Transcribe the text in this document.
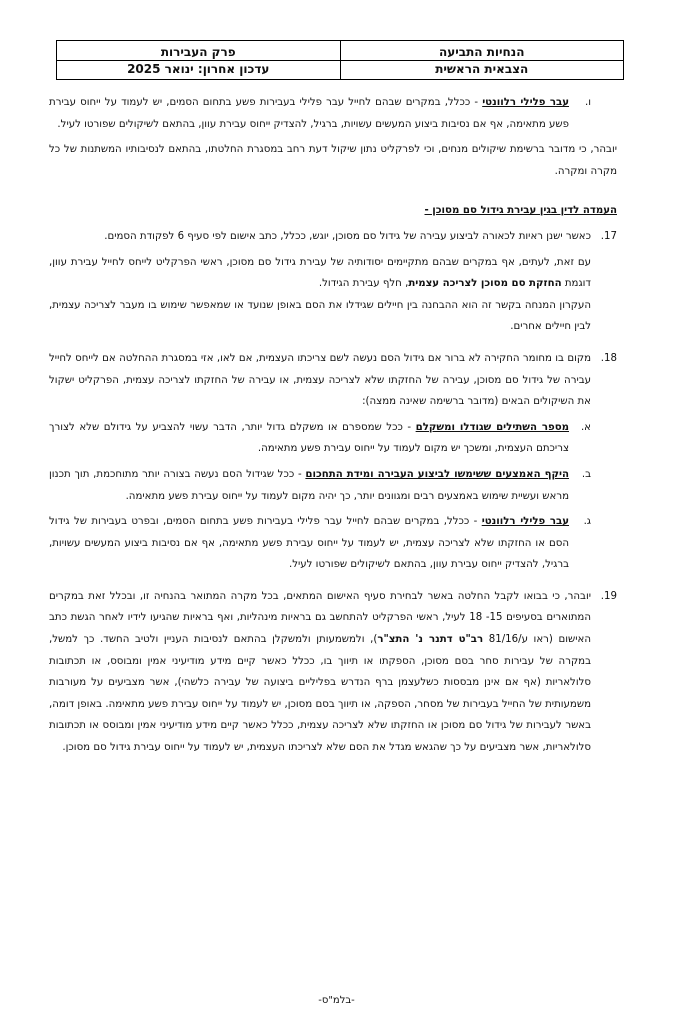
הנחיות התביעה
הצבאית הראשית
פרק העבירות
עדכון אחרון: ינואר 2025
ו.

עבר פלילי רלוונטי - ככלל, במקרים שבהם לחייל עבר פלילי בעבירות פשע בתחום הסמים, יש לעמוד על ייחוס עבירת פשע מתאימה, אף אם נסיבות ביצוע המעשים עשויות, ברגיל, להצדיק ייחוס עבירת עוון, בהתאם לשיקולים שפורטו לעיל.

יובהר, כי מדובר ברשימת שיקולים מנחים, וכי לפרקליט נתון שיקול דעת רחב במסגרת החלטתו, בהתאם לנסיבותיו המשתנות של כל מקרה ומקרה.

העמדה לדין בגין עבירת גידול סם מסוכן -

17.

כאשר ישנן ראיות לכאורה לביצוע עבירה של גידול סם מסוכן, יוגש, ככלל, כתב אישום לפי סעיף 6 לפקודת הסמים.

עם זאת, לעתים, אף במקרים שבהם מתקיימים יסודותיה של עבירת גידול סם מסוכן, ראשי הפרקליט לייחס לחייל עבירת עוון, דוגמת החזקת סם מסוכן לצריכה עצמית, חלף עבירת הגידול.

העקרון המנחה בקשר זה הוא ההבחנה בין חיילים שגידלו את הסם באופן שנועד או שמאפשר שימוש בו מעבר לצריכה עצמית, לבין חיילים אחרים.

18.

מקום בו מחומר החקירה לא ברור אם גידול הסם נעשה לשם צריכתו העצמית, אם לאו, אזי במסגרת ההחלטה אם לייחס לחייל עבירה של גידול סם מסוכן, עבירה של החזקתו שלא לצריכה עצמית, או עבירה של החזקתו לצריכה עצמית, הפרקליט ישקול את השיקולים הבאים (מדובר ברשימה שאינה ממצה):

א.

מספר השתילים שגודלו ומשקלם - ככל שמספרם או משקלם גדול יותר, הדבר עשוי להצביע על גידולם שלא לצורך צריכתם העצמית, ומשכך יש מקום לעמוד על ייחוס עבירת פשע מתאימה.

ב.

היקף האמצעים ששימשו לביצוע העבירה ומידת התחכום - ככל שגידול הסם נעשה בצורה יותר מתוחכמת, תוך תכנון מראש ועשיית שימוש באמצעים רבים ומגוונים יותר, כך יהיה מקום לעמוד על ייחוס עבירת פשע מתאימה.

ג.

עבר פלילי רלוונטי - ככלל, במקרים שבהם לחייל עבר פלילי בעבירות פשע בתחום הסמים, ובפרט בעבירות של גידול הסם או החזקתו שלא לצריכה עצמית, יש לעמוד על ייחוס עבירת פשע מתאימה, אף אם נסיבות ביצוע המעשים עשויות, ברגיל, להצדיק ייחוס עבירת עוון, בהתאם לשיקולים שפורטו לעיל.

19.

יובהר, כי בבואו לקבל החלטה באשר לבחירת סעיף האישום המתאים, בכל מקרה המתואר בהנחיה זו, ובכלל זאת במקרים המתוארים בסעיפים 15- 18 לעיל, ראשי הפרקליט להתחשב גם בראיות מינהליות, ואף בראיות שהגיעו לידיו לאחר הגשת כתב האישום (ראו ע/81/16 רב"ט דתנר נ' התצ"ר), ולמשמעותן ולמשקלן בהתאם לנסיבות העניין ולטיב החשד. כך למשל, במקרה של עבירות סחר בסם מסוכן, הספקתו או תיווך בו, ככלל כאשר קיים מידע מודיעיני אמין ומבוסס, או תכתובות סלולאריות (אף אם אינן מבססות כשלעצמן ברף הנדרש בפליליים ביצועה של עבירה כלשהי), אשר מצביעים על מעורבות משמעותית של החייל בעבירות של מסחר, הספקה, או תיווך בסם מסוכן, יש לעמוד על ייחוס עבירת פשע מתאימה. באופן דומה, באשר לעבירות של גידול סם מסוכן או החזקתו שלא לצריכה עצמית, ככלל כאשר קיים מידע מודיעיני אמין ומבוסס או תכתובות סלולאריות, אשר מצביעים על כך שהגאש מגדל את הסם שלא לצריכתו העצמית, יש לעמוד על ייחוס עבירת גידול סם מסוכן.

-בלמ"ס-
